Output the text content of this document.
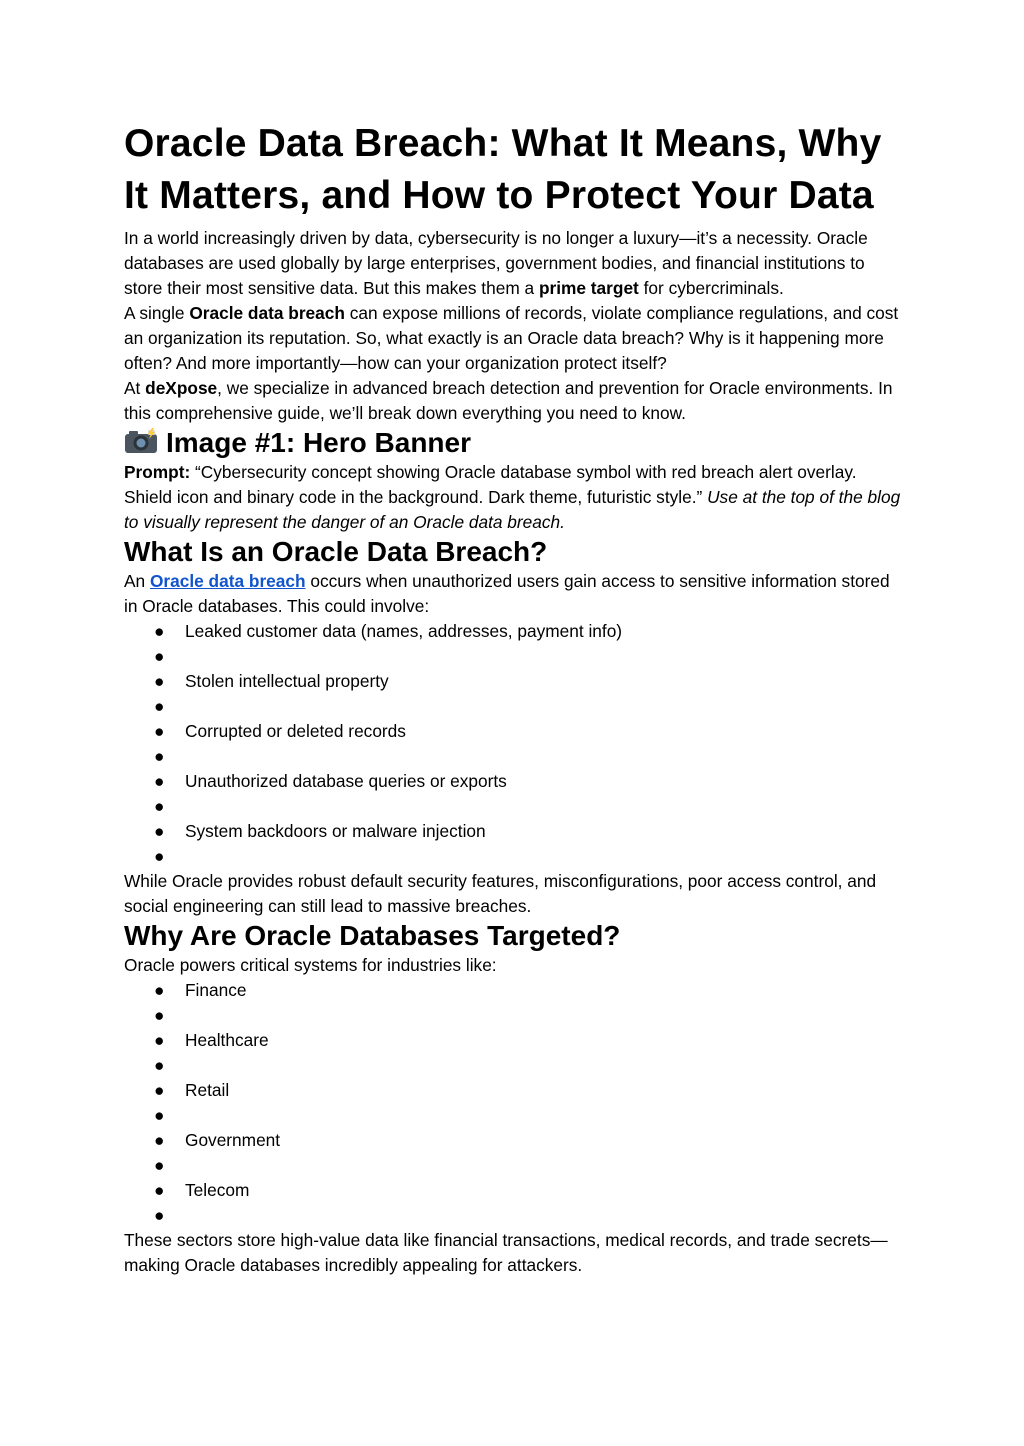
Oracle Data Breach: What It Means, Why It Matters, and How to Protect Your Data

In a world increasingly driven by data, cybersecurity is no longer a luxury—it’s a necessity. Oracle databases are used globally by large enterprises, government bodies, and financial institutions to store their most sensitive data. But this makes them a prime target for cybercriminals.

A single Oracle data breach can expose millions of records, violate compliance regulations, and cost an organization its reputation. So, what exactly is an Oracle data breach? Why is it happening more often? And more importantly—how can your organization protect itself?

At deXpose, we specialize in advanced breach detection and prevention for Oracle environments. In this comprehensive guide, we’ll break down everything you need to know.

Image #1: Hero Banner

Prompt: “Cybersecurity concept showing Oracle database symbol with red breach alert overlay. Shield icon and binary code in the background. Dark theme, futuristic style.” Use at the top of the blog to visually represent the danger of an Oracle data breach.

What Is an Oracle Data Breach?

An Oracle data breach occurs when unauthorized users gain access to sensitive information stored in Oracle databases. This could involve:

● Leaked customer data (names, addresses, payment info)
●
● Stolen intellectual property
●
● Corrupted or deleted records
●
● Unauthorized database queries or exports
●
● System backdoors or malware injection
●

While Oracle provides robust default security features, misconfigurations, poor access control, and social engineering can still lead to massive breaches.

Why Are Oracle Databases Targeted?

Oracle powers critical systems for industries like:

● Finance
●
● Healthcare
●
● Retail
●
● Government
●
● Telecom
●

These sectors store high-value data like financial transactions, medical records, and trade secrets—making Oracle databases incredibly appealing for attackers.
